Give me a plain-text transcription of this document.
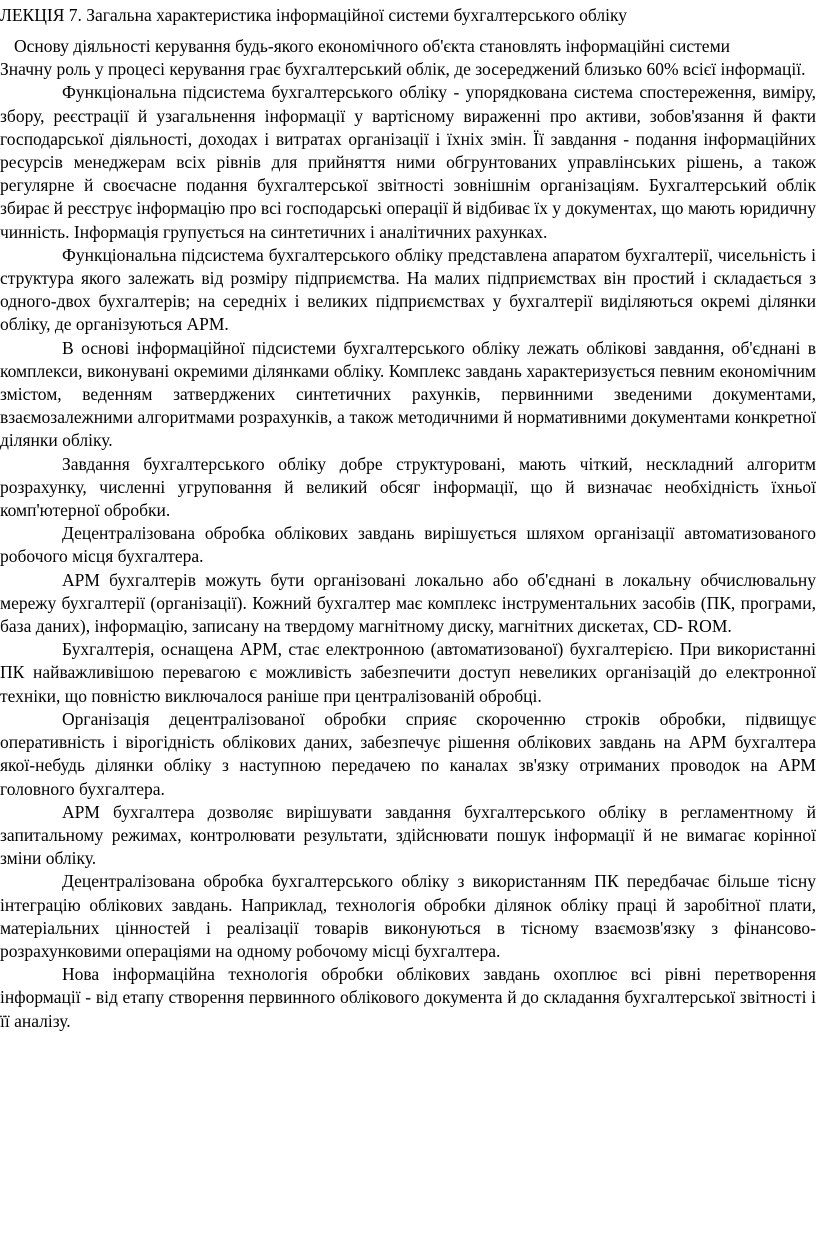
ЛЕКЦІЯ 7. Загальна характеристика інформаційної системи бухгалтерського обліку

Основу діяльності керування будь-якого економічного об'єкта становлять інформаційні системи

Значну роль у процесі керування грає бухгалтерський облік, де зосереджений близько 60% всієї інформації.

Функціональна підсистема бухгалтерського обліку - упорядкована система спостереження, виміру, збору, реєстрації й узагальнення інформації у вартісному вираженні про активи, зобов'язання й факти господарської діяльності, доходах і витратах організації і їхніх змін. Її завдання - подання інформаційних ресурсів менеджерам всіх рівнів для прийняття ними обгрунтованих управлінських рішень, а також регулярне й своєчасне подання бухгалтерської звітності зовнішнім організаціям. Бухгалтерський облік збирає й реєструє інформацію про всі господарські операції й відбиває їх у документах, що мають юридичну чинність. Інформація групується на синтетичних і аналітичних рахунках.

Функціональна підсистема бухгалтерського обліку представлена апаратом бухгалтерії, чисельність і структура якого залежать від розміру підприємства. На малих підприємствах він простий і складається з одного-двох бухгалтерів; на середніх і великих підприємствах у бухгалтерії виділяються окремі ділянки обліку, де організуються АРМ.

В основі інформаційної підсистеми бухгалтерського обліку лежать облікові завдання, об'єднані в комплекси, виконувані окремими ділянками обліку. Комплекс завдань характеризується певним економічним змістом, веденням затверджених синтетичних рахунків, первинними зведеними документами, взаємозалежними алгоритмами розрахунків, а також методичними й нормативними документами конкретної ділянки обліку.

Завдання бухгалтерського обліку добре структуровані, мають чіткий, нескладний алгоритм розрахунку, численні угруповання й великий обсяг інформації, що й визначає необхідність їхньої комп'ютерної обробки.

Децентралізована обробка облікових завдань вирішується шляхом організації автоматизованого робочого місця бухгалтера.

АРМ бухгалтерів можуть бути організовані локально або об'єднані в локальну обчислювальну мережу бухгалтерії (організації). Кожний бухгалтер має комплекс інструментальних засобів (ПК, програми, база даних), інформацію, записану на твердому магнітному диску, магнітних дискетах, CD- ROM.

Бухгалтерія, оснащена АРМ, стає електронною (автоматизованої) бухгалтерією. При використанні ПК найважливішою перевагою є можливість забезпечити доступ невеликих організацій до електронної техніки, що повністю виключалося раніше при централізованій обробці.

Організація децентралізованої обробки сприяє скороченню строків обробки, підвищує оперативність і вірогідність облікових даних, забезпечує рішення облікових завдань на АРМ бухгалтера якої-небудь ділянки обліку з наступною передачею по каналах зв'язку отриманих проводок на АРМ головного бухгалтера.

АРМ бухгалтера дозволяє вирішувати завдання бухгалтерського обліку в регламентному й запитальному режимах, контролювати результати, здійснювати пошук інформації й не вимагає корінної зміни обліку.

Децентралізована обробка бухгалтерського обліку з використанням ПК передбачає більше тісну інтеграцію облікових завдань. Наприклад, технологія обробки ділянок обліку праці й заробітної плати, матеріальних цінностей і реалізації товарів виконуються в тісному взаємозв'язку з фінансово-розрахунковими операціями на одному робочому місці бухгалтера.

Нова інформаційна технологія обробки облікових завдань охоплює всі рівні перетворення інформації - від етапу створення первинного облікового документа й до складання бухгалтерської звітності і її аналізу.
